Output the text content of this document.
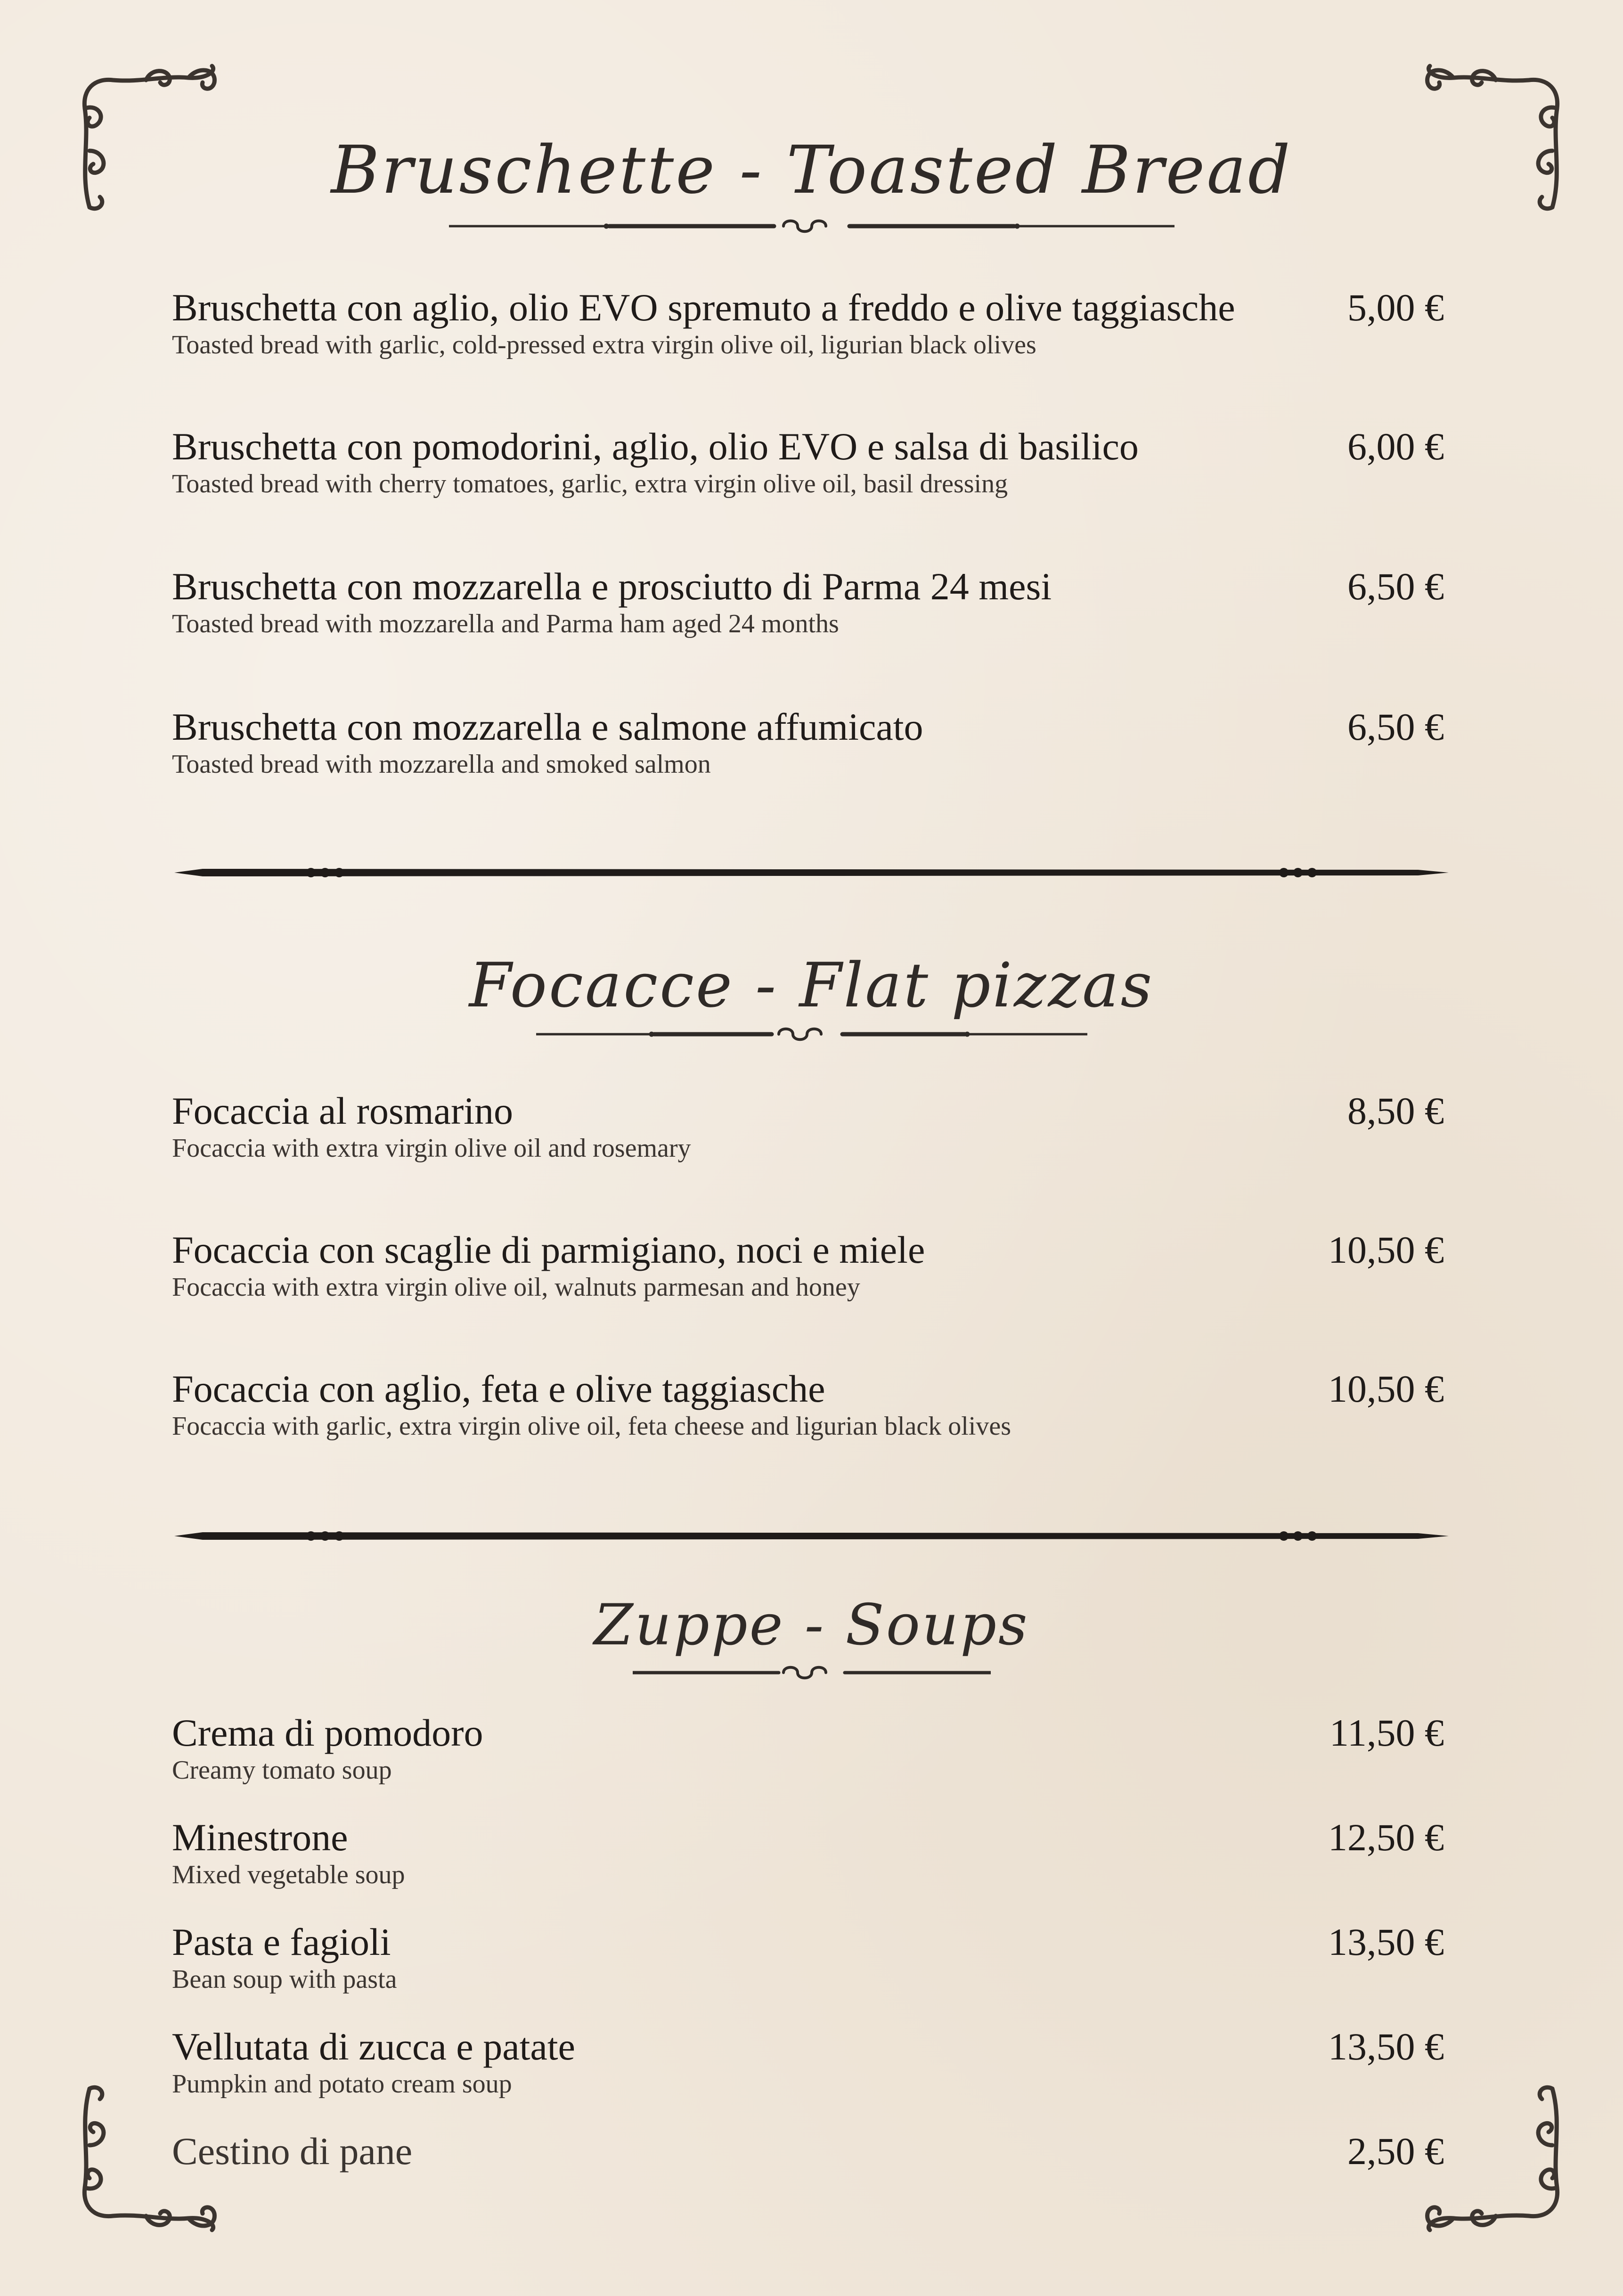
Bruschette - Toasted Bread
Bruschetta con aglio, olio EVO spremuto a freddo e olive taggiasche
Toasted bread with garlic, cold-pressed extra virgin olive oil, ligurian black olives
5,00 €
Bruschetta con pomodorini, aglio, olio EVO e salsa di basilico
Toasted bread with cherry tomatoes, garlic, extra virgin olive oil, basil dressing
6,00 €
Bruschetta con mozzarella e prosciutto di Parma 24 mesi
Toasted bread with mozzarella and Parma ham aged 24 months
6,50 €
Bruschetta con mozzarella e salmone affumicato
Toasted bread with mozzarella and smoked salmon
6,50 €
Focacce - Flat pizzas
Focaccia al rosmarino
Focaccia with extra virgin olive oil and rosemary
8,50 €
Focaccia con scaglie di parmigiano, noci e miele
Focaccia with extra virgin olive oil, walnuts parmesan and honey
10,50 €
Focaccia con aglio, feta e olive taggiasche
Focaccia with garlic, extra virgin olive oil, feta cheese and ligurian black olives
10,50 €
Zuppe - Soups
Crema di pomodoro
Creamy tomato soup
11,50 €
Minestrone
Mixed vegetable soup
12,50 €
Pasta e fagioli
Bean soup with pasta
13,50 €
Vellutata di zucca e patate
Pumpkin and potato cream soup
13,50 €
Cestino di pane	2,50 €
